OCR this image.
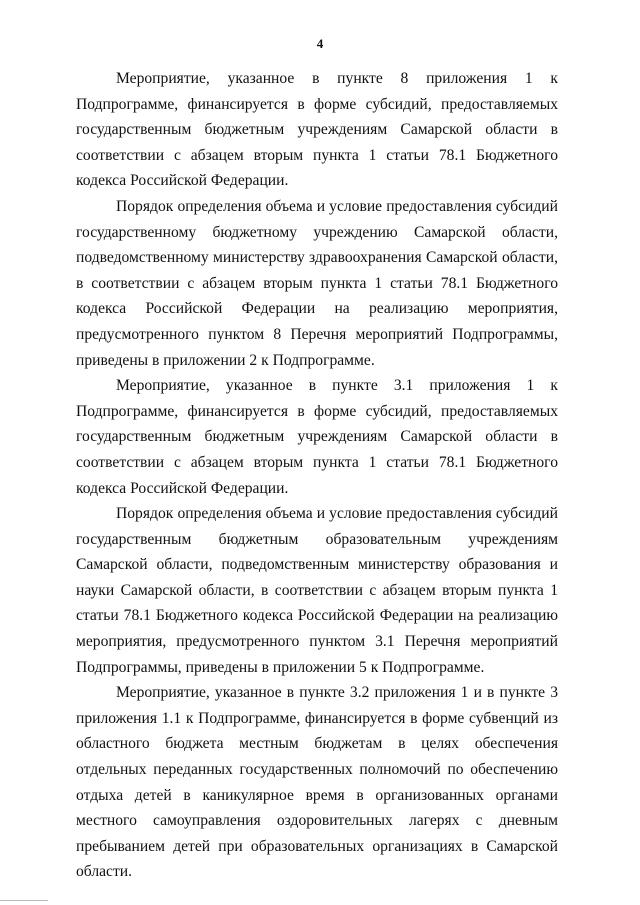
4

Мероприятие, указанное в пункте 8 приложения 1 к Подпрограмме, финансируется в форме субсидий, предоставляемых государственным бюджетным учреждениям Самарской области в соответствии с абзацем вторым пункта 1 статьи 78.1 Бюджетного кодекса Российской Федерации.

Порядок определения объема и условие предоставления субсидий государственному бюджетному учреждению Самарской области, подведомственному министерству здравоохранения Самарской области, в соответствии с абзацем вторым пункта 1 статьи 78.1 Бюджетного кодекса Российской Федерации на реализацию мероприятия, предусмотренного пунктом 8 Перечня мероприятий Подпрограммы, приведены в приложении 2 к Подпрограмме.

Мероприятие, указанное в пункте 3.1 приложения 1 к Подпрограмме, финансируется в форме субсидий, предоставляемых государственным бюджетным учреждениям Самарской области в соответствии с абзацем вторым пункта 1 статьи 78.1 Бюджетного кодекса Российской Федерации.

Порядок определения объема и условие предоставления субсидий государственным бюджетным образовательным учреждениям Самарской области, подведомственным министерству образования и науки Самарской области, в соответствии с абзацем вторым пункта 1 статьи 78.1 Бюджетного кодекса Российской Федерации на реализацию мероприятия, предусмотренного пунктом 3.1 Перечня мероприятий Подпрограммы, приведены в приложении 5 к Подпрограмме.

Мероприятие, указанное в пункте 3.2 приложения 1 и в пункте 3 приложения 1.1 к Подпрограмме, финансируется в форме субвенций из областного бюджета местным бюджетам в целях обеспечения отдельных переданных государственных полномочий по обеспечению отдыха детей в каникулярное время в организованных органами местного самоуправления оздоровительных лагерях с дневным пребыванием детей при образовательных организациях в Самарской области.
